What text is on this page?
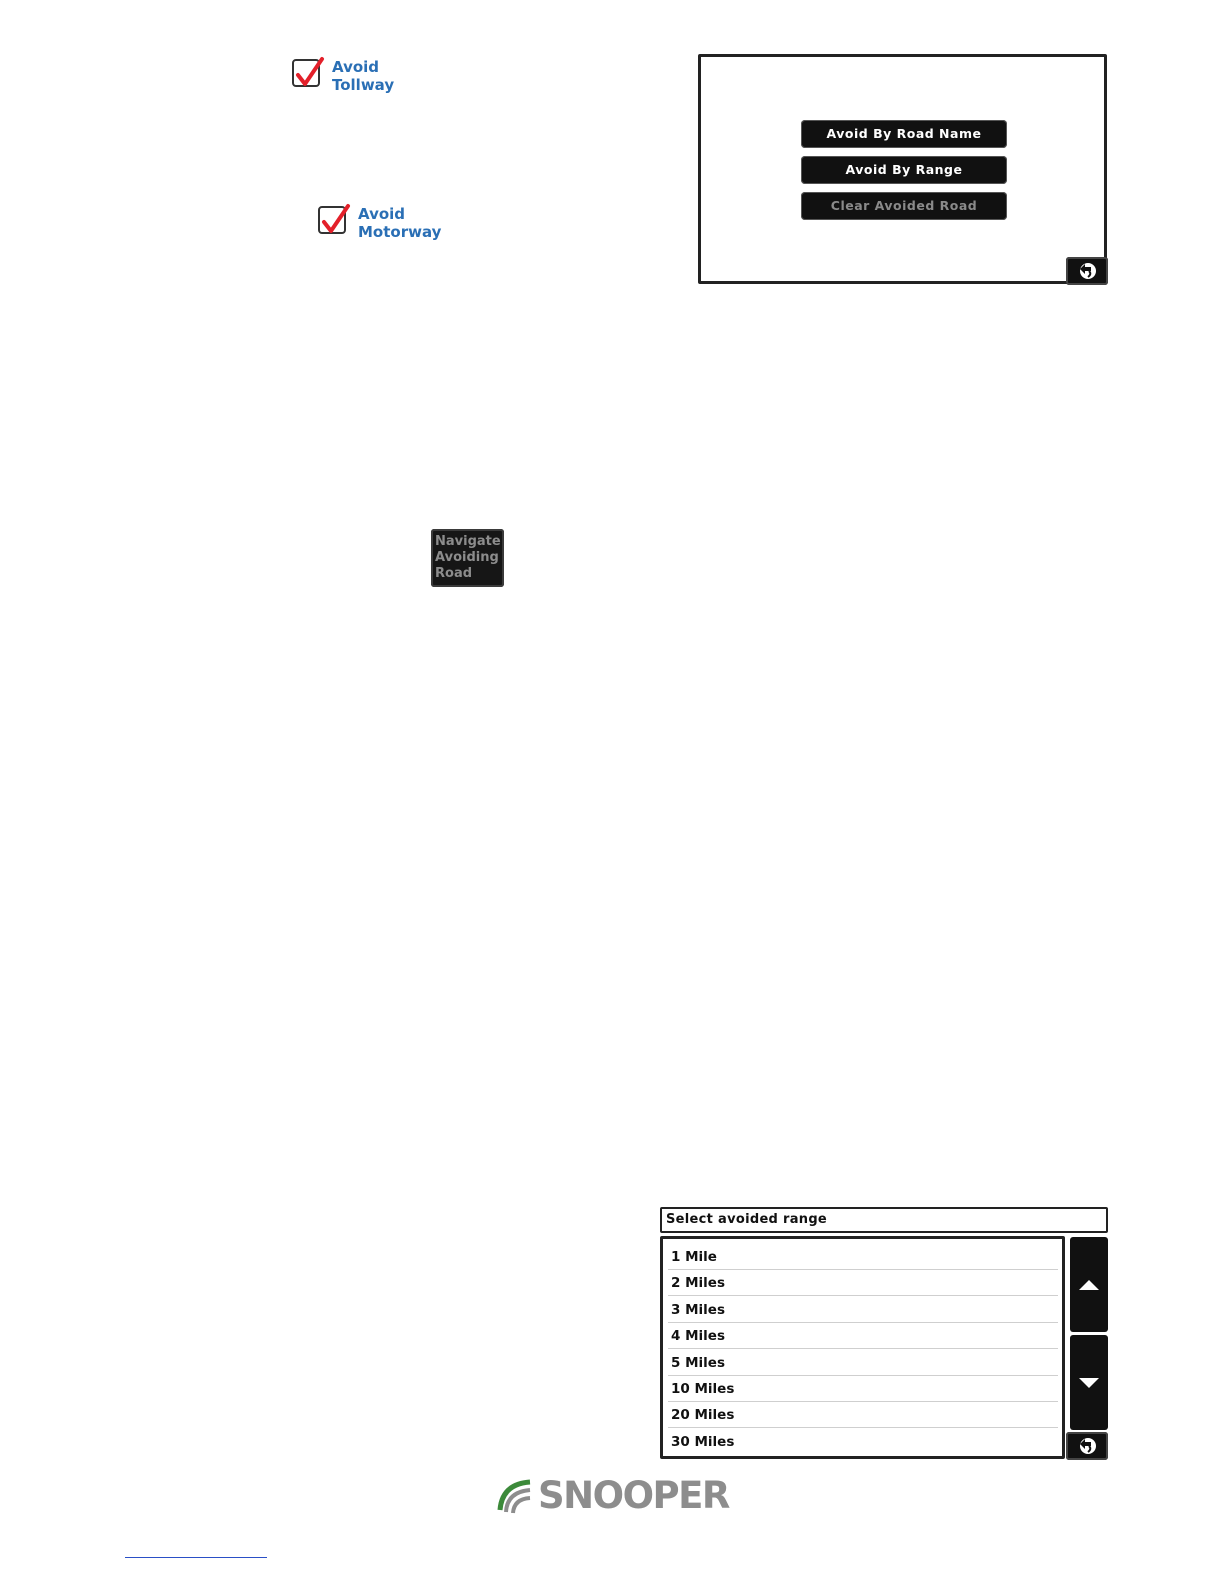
Avoid
Tollway
Avoid
Motorway
Avoid By Road Name
Avoid By Range
Clear Avoided Road
Navigate
Avoiding
Road
Select avoided range
1 Mile
2 Miles
3 Miles
4 Miles
5 Miles
10 Miles
20 Miles
30 Miles
SNOOPER
